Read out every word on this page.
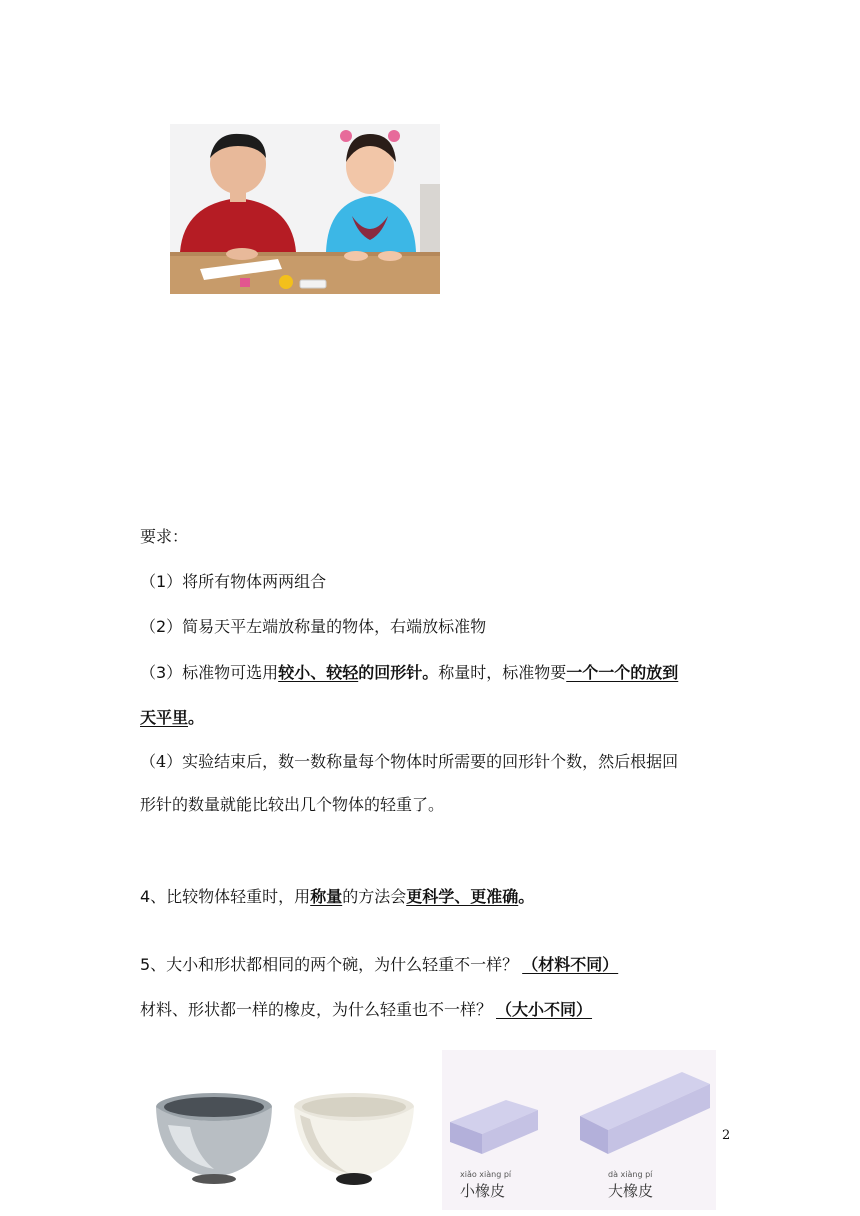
要求：
（1）将所有物体两两组合
（2）简易天平左端放称量的物体，右端放标准物
（3）标准物可选用较小、较轻的回形针。称量时，标准物要一个一个的放到
天平里。
（4）实验结束后，数一数称量每个物体时所需要的回形针个数，然后根据回
形针的数量就能比较出几个物体的轻重了。
4、比较物体轻重时，用称量的方法会更科学、更准确。
5、大小和形状都相同的两个碗，为什么轻重不一样？ （材料不同）
材料、形状都一样的橡皮，为什么轻重也不一样？ （大小不同）
xiǎo xiàng pí
小橡皮
dà xiàng pí
大橡皮
2
